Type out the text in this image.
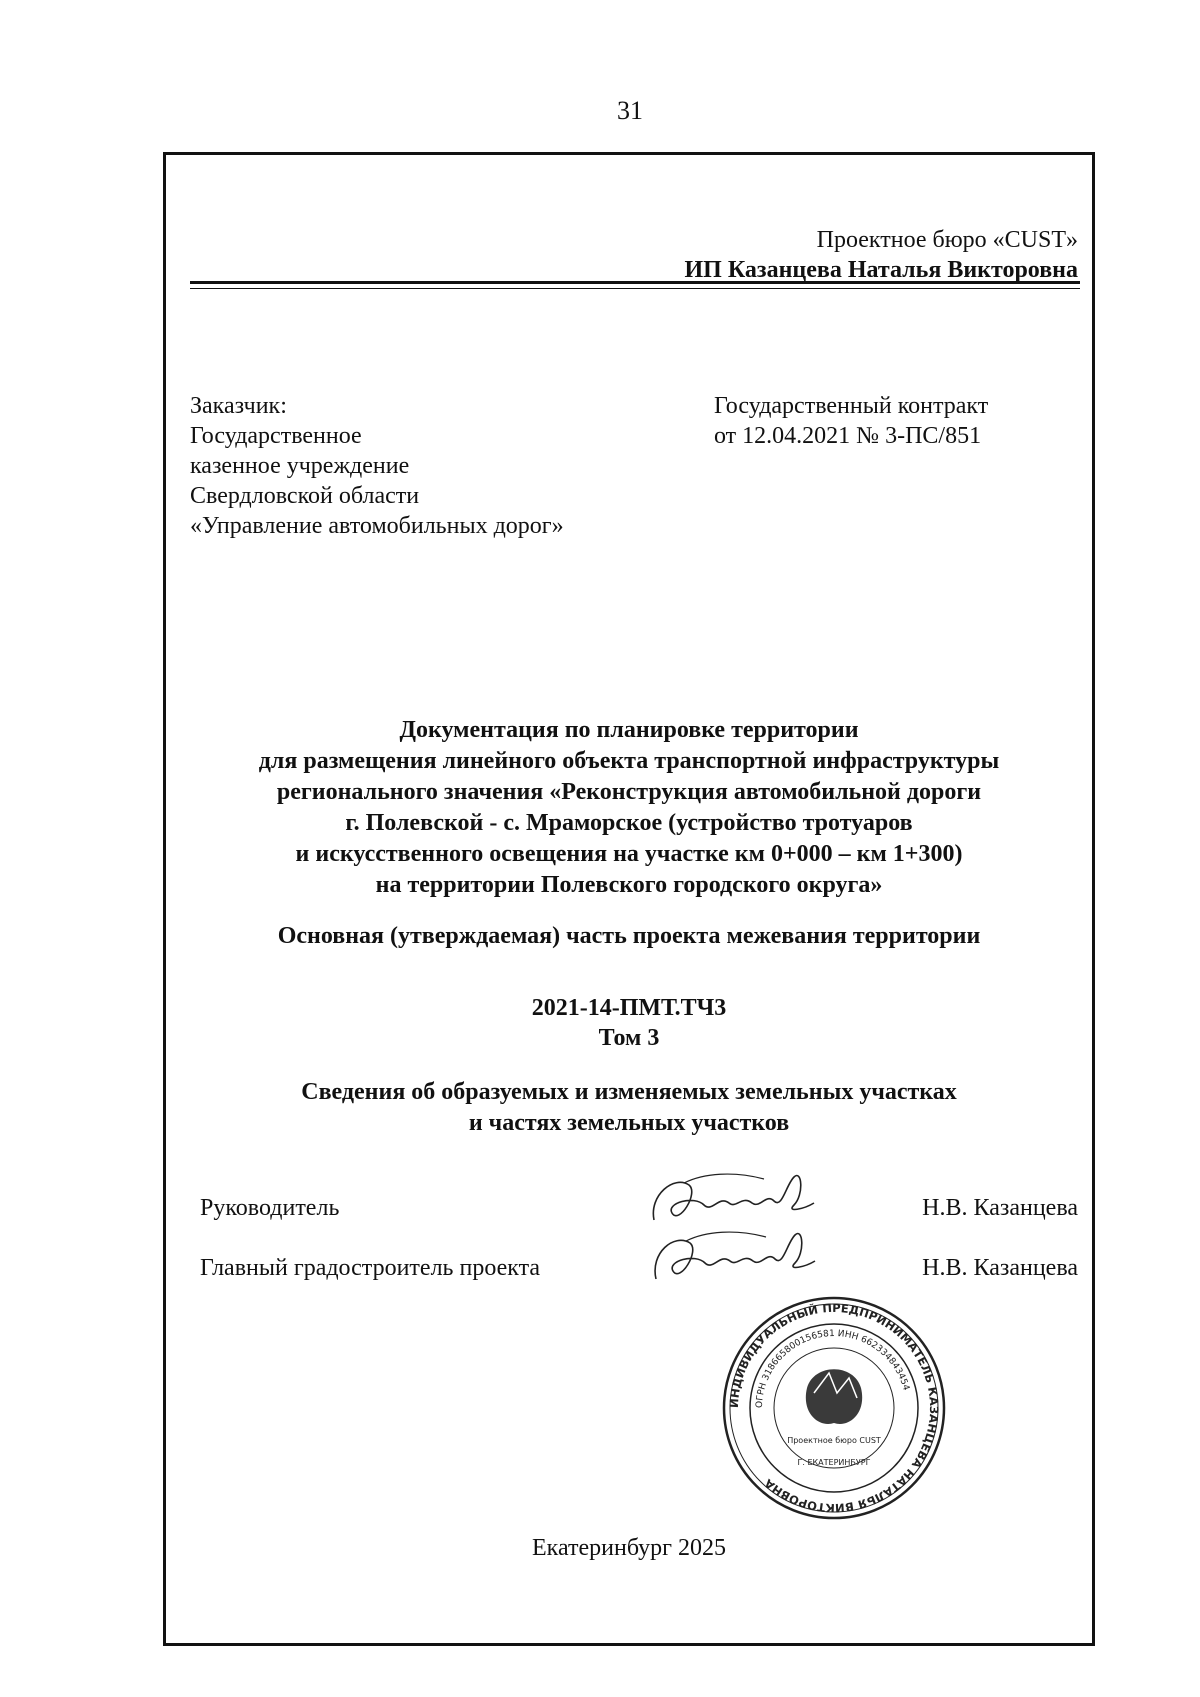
31
Проектное бюро «CUST»
ИП Казанцева Наталья Викторовна
Заказчик:
Государственное
казенное учреждение
Свердловской области
«Управление автомобильных дорог»
Государственный контракт
от 12.04.2021 № 3-ПС/851

Документация по планировке территории

для размещения линейного объекта транспортной инфраструктуры

регионального значения «Реконструкция автомобильной дороги

г. Полевской - с. Мраморское (устройство тротуаров

и искусственного освещения на участке км 0+000 – км 1+300)

на территории Полевского городского округа»

Основная (утверждаемая) часть проекта межевания территории
2021-14-ПМТ.ТЧ3
Том 3
Сведения об образуемых и изменяемых земельных участках
и частях земельных участков
Руководитель	Н.В. Казанцева
Главный градостроитель проекта	Н.В. Казанцева
ИНДИВИДУАЛЬНЫЙ ПРЕДПРИНИМАТЕЛЬ КАЗАНЦЕВА НАТАЛЬЯ ВИКТОРОВНА
ОГРН 318665800156581 ИНН 662334843454
Проектное бюро CUST
Г. ЕКАТЕРИНБУРГ
Екатеринбург 2025
